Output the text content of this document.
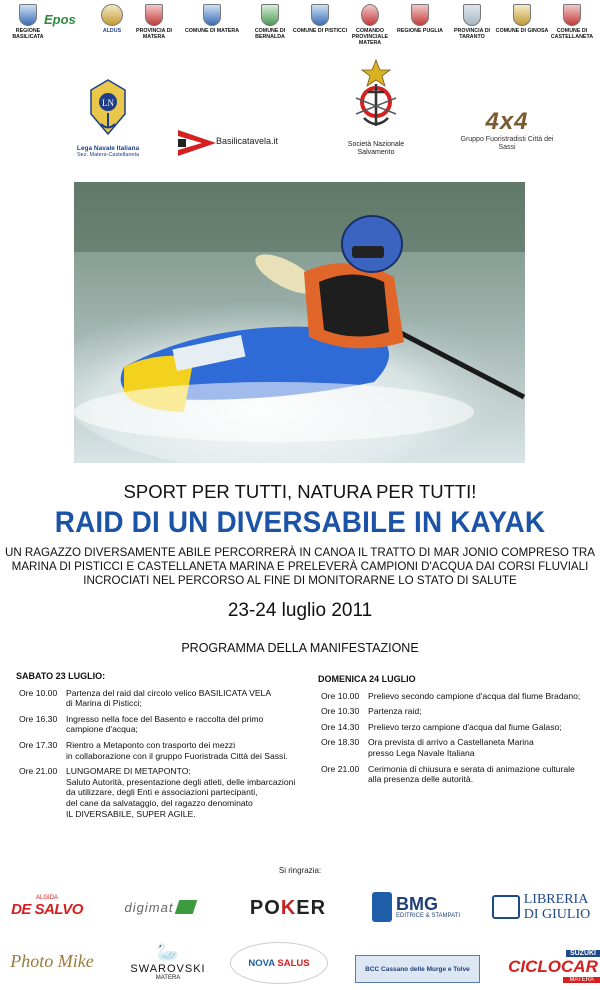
REGIONE BASILICATA
Epos
ALDUS	PROVINCIA DI MATERA
COMUNE DI MATERA	COMUNE DI BERNALDA
COMUNE DI PISTICCI	COMANDO PROVINCIALE MATERA
REGIONE PUGLIA	PROVINCIA DI TARANTO
COMUNE DI GINOSA	COMUNE DI CASTELLANETA
LN
Lega Navale Italiana
Sez. Matera-Castellaneta
Basilicatavela.it	Società Nazionale Salvamento
4x4
Gruppo Fuoristradisti Città dei Sassi
SPORT PER TUTTI, NATURA PER TUTTI!
RAID DI UN DIVERSABILE IN KAYAK
UN RAGAZZO DIVERSAMENTE ABILE PERCORRERÀ IN CANOA IL TRATTO DI MAR JONIO COMPRESO TRA
MARINA DI PISTICCI E CASTELLANETA MARINA E PRELEVERÀ CAMPIONI D'ACQUA DAI CORSI FLUVIALI
INCROCIATI NEL PERCORSO AL FINE DI MONITORARNE LO STATO DI SALUTE
23-24 luglio 2011
PROGRAMMA DELLA MANIFESTAZIONE
SABATO 23 LUGLIO:
Ore 10.00	Partenza del raid dal circolo velico BASILICATA VELA
di Marina di Pisticci;
Ore 16.30	Ingresso nella foce del Basento e raccolta del primo
campione d'acqua;
Ore 17.30	Rientro a Metaponto con trasporto dei mezzi
in collaborazione con il gruppo Fuoristrada Città dei Sassi.
Ore 21.00	LUNGOMARE DI METAPONTO:
Saluto Autorità, presentazione degli atleti, delle imbarcazioni
da utilizzare, degli Enti e associazioni partecipanti,
del cane da salvataggio, del ragazzo denominato
IL DIVERSABILE, SUPER AGILE.
DOMENICA 24 LUGLIO
Ore 10.00	Prelievo secondo campione d'acqua dal fiume Bradano;
Ore 10.30	Partenza raid;
Ore 14.30	Prelievo terzo campione d'acqua dal fiume Galaso;
Ore 18.30	Ora prevista di arrivo a Castellaneta Marina
presso Lega Navale Italiana
Ore 21.00	Cerimonia di chiusura e serata di animazione culturale
alla presenza delle autorità.
Si ringrazia:
ALGIDA
DE SALVO	digimat	POKER	BMG
EDITRICE & STAMPATI
LIBRERIA
DI GIULIO
Photo Mike	🦢
SWAROVSKI
MATERA
NOVA SALUS
BCC Cassano delle Murge e Tolve
SUZUKI
CICLOCAR
MATERA
